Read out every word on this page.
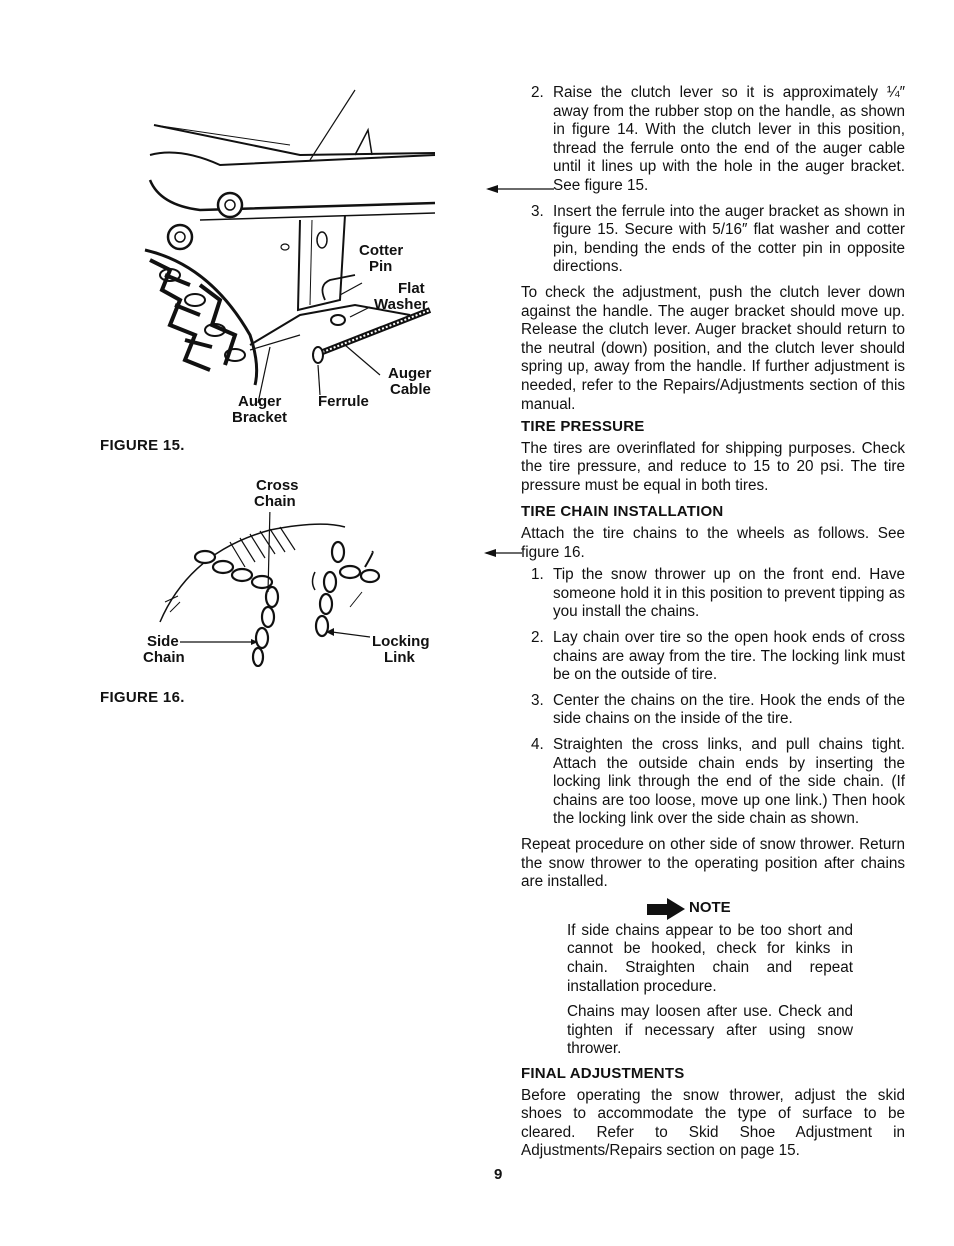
Cotter
Pin
Flat
Washer
Auger
Cable
Auger
Bracket
Ferrule
FIGURE 15.
Cross
Chain
Side
Chain
Locking
Link
FIGURE 16.
2. Raise the clutch lever so it is approximately ¼″ away from the rubber stop on the handle, as shown in figure 14. With the clutch lever in this position, thread the ferrule onto the end of the auger cable until it lines up with the hole in the auger bracket. See figure 15.
3. Insert the ferrule into the auger bracket as shown in figure 15. Secure with 5/16″ flat washer and cotter pin, bending the ends of the cotter pin in opposite directions.

To check the adjustment, push the clutch lever down against the handle. The auger bracket should move up. Release the clutch lever. Auger bracket should return to the neutral (down) position, and the clutch lever should spring up, away from the handle. If further adjustment is needed, refer to the Repairs/Adjustments section of this manual.

TIRE PRESSURE

The tires are overinflated for shipping purposes. Check the tire pressure, and reduce to 15 to 20 psi. The tire pressure must be equal in both tires.

TIRE CHAIN INSTALLATION

Attach the tire chains to the wheels as follows. See figure 16.

1. Tip the snow thrower up on the front end. Have someone hold it in this position to prevent tipping as you install the chains.
2. Lay chain over tire so the open hook ends of cross chains are away from the tire. The locking link must be on the outside of tire.
3. Center the chains on the tire. Hook the ends of the side chains on the inside of the tire.
4. Straighten the cross links, and pull chains tight. Attach the outside chain ends by inserting the locking link through the end of the side chain. (If chains are too loose, move up one link.) Then hook the locking link over the side chain as shown.

Repeat procedure on other side of snow thrower. Return the snow thrower to the operating position after chains are installed.

NOTE

If side chains appear to be too short and cannot be hooked, check for kinks in chain. Straighten chain and repeat installation procedure.

Chains may loosen after use. Check and tighten if necessary after using snow thrower.

FINAL ADJUSTMENTS

Before operating the snow thrower, adjust the skid shoes to accommodate the type of surface to be cleared. Refer to Skid Shoe Adjustment in Adjustments/Repairs section on page 15.

9
